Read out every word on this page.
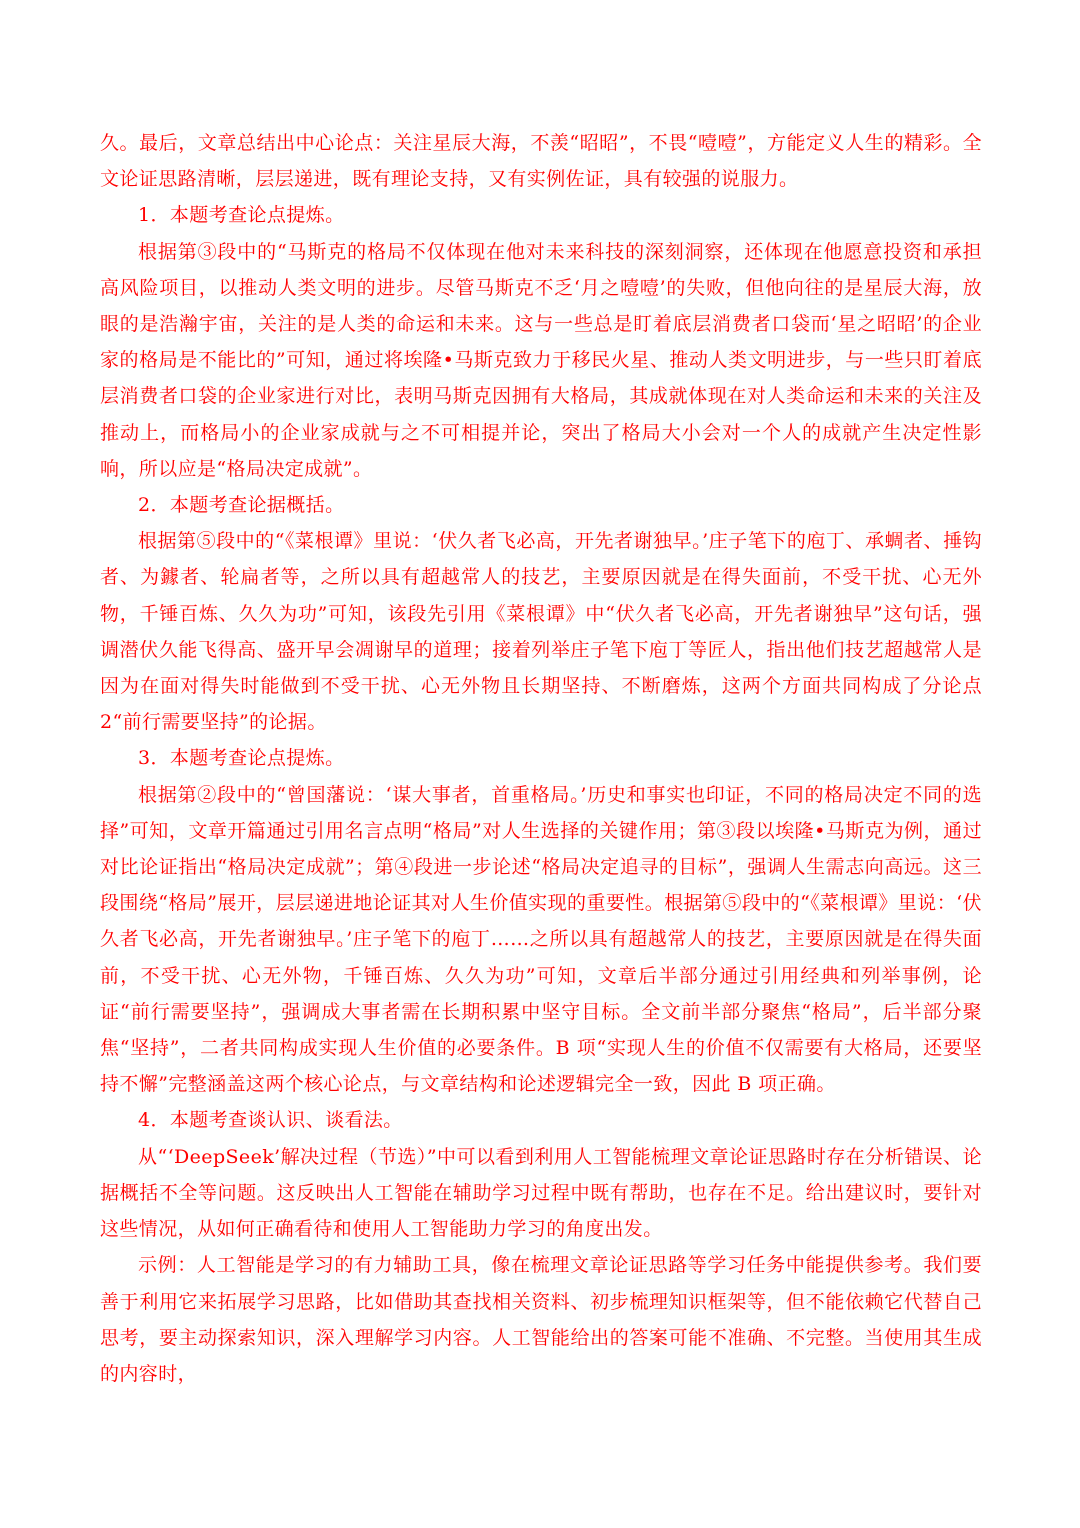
久。最后，文章总结出中心论点：关注星辰大海，不羡“昭昭”，不畏“噎噎”，方能定义人生的精彩。全文论证思路清晰，层层递进，既有理论支持，又有实例佐证，具有较强的说服力。

1．本题考查论点提炼。

根据第③段中的“马斯克的格局不仅体现在他对未来科技的深刻洞察，还体现在他愿意投资和承担高风险项目，以推动人类文明的进步。尽管马斯克不乏‘月之噎噎’的失败，但他向往的是星辰大海，放眼的是浩瀚宇宙，关注的是人类的命运和未来。这与一些总是盯着底层消费者口袋而‘星之昭昭’的企业家的格局是不能比的”可知，通过将埃隆•马斯克致力于移民火星、推动人类文明进步，与一些只盯着底层消费者口袋的企业家进行对比，表明马斯克因拥有大格局，其成就体现在对人类命运和未来的关注及推动上，而格局小的企业家成就与之不可相提并论，突出了格局大小会对一个人的成就产生决定性影响，所以应是“格局决定成就”。

2．本题考查论据概括。

根据第⑤段中的“《菜根谭》里说：‘伏久者飞必高，开先者谢独早。’庄子笔下的庖丁、承蜩者、捶钩者、为鐻者、轮扁者等，之所以具有超越常人的技艺，主要原因就是在得失面前，不受干扰、心无外物，千锤百炼、久久为功”可知，该段先引用《菜根谭》中“伏久者飞必高，开先者谢独早”这句话，强调潜伏久能飞得高、盛开早会凋谢早的道理；接着列举庄子笔下庖丁等匠人，指出他们技艺超越常人是因为在面对得失时能做到不受干扰、心无外物且长期坚持、不断磨炼，这两个方面共同构成了分论点 2“前行需要坚持”的论据。

3．本题考查论点提炼。

根据第②段中的“曾国藩说：‘谋大事者，首重格局。’历史和事实也印证，不同的格局决定不同的选择”可知，文章开篇通过引用名言点明“格局”对人生选择的关键作用；第③段以埃隆•马斯克为例，通过对比论证指出“格局决定成就”；第④段进一步论述“格局决定追寻的目标”，强调人生需志向高远。这三段围绕“格局”展开，层层递进地论证其对人生价值实现的重要性。根据第⑤段中的“《菜根谭》里说：‘伏久者飞必高，开先者谢独早。’庄子笔下的庖丁……之所以具有超越常人的技艺，主要原因就是在得失面前，不受干扰、心无外物，千锤百炼、久久为功”可知，文章后半部分通过引用经典和列举事例，论证“前行需要坚持”，强调成大事者需在长期积累中坚守目标。全文前半部分聚焦“格局”，后半部分聚焦“坚持”，二者共同构成实现人生价值的必要条件。B 项“实现人生的价值不仅需要有大格局，还要坚持不懈”完整涵盖这两个核心论点，与文章结构和论述逻辑完全一致，因此 B 项正确。

4．本题考查谈认识、谈看法。

从“‘DeepSeek’解决过程（节选）”中可以看到利用人工智能梳理文章论证思路时存在分析错误、论据概括不全等问题。这反映出人工智能在辅助学习过程中既有帮助，也存在不足。给出建议时，要针对这些情况，从如何正确看待和使用人工智能助力学习的角度出发。

示例：人工智能是学习的有力辅助工具，像在梳理文章论证思路等学习任务中能提供参考。我们要善于利用它来拓展学习思路，比如借助其查找相关资料、初步梳理知识框架等，但不能依赖它代替自己思考，要主动探索知识，深入理解学习内容。人工智能给出的答案可能不准确、不完整。当使用其生成的内容时，
